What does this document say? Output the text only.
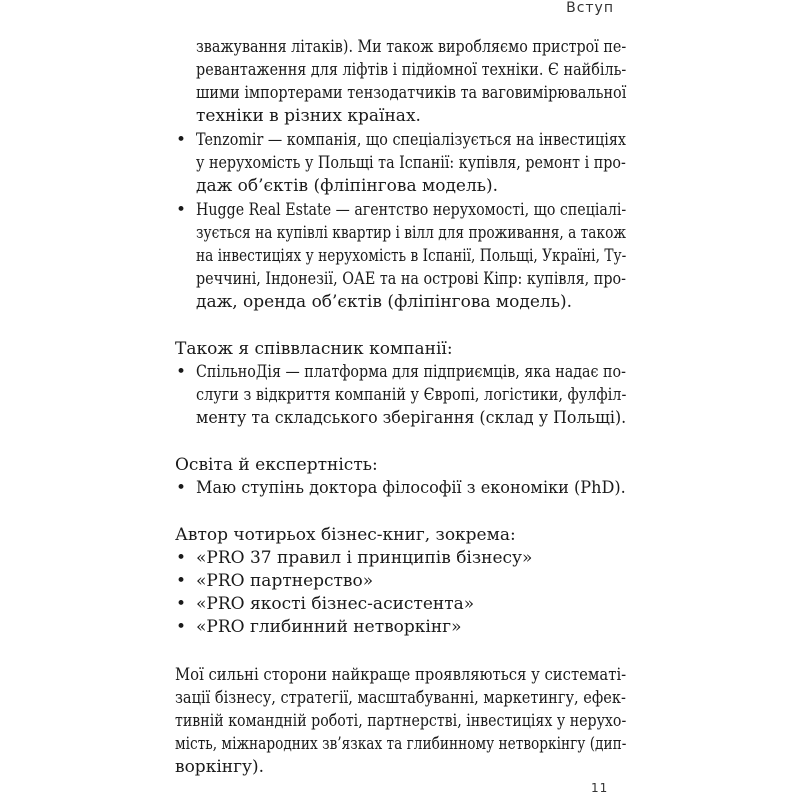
Вступ
зважування літаків). Ми також виробляємо пристрої пе-
ревантаження для ліфтів і підйомної техніки. Є найбіль-
шими імпортерами тензодатчиків та ваговимірювальної
техніки в різних країнах.
• Tenzomir — компанія, що спеціалізується на інвестиціях
у нерухомість у Польщі та Іспанії: купівля, ремонт і про-
даж об’єктів (фліпінгова модель).
• Hugge Real Estate — агентство нерухомості, що спеціалі-
зується на купівлі квартир і вілл для проживання, а також
на інвестиціях у нерухомість в Іспанії, Польщі, Україні, Ту-
реччині, Індонезії, ОАЕ та на острові Кіпр: купівля, про-
даж, оренда об’єктів (фліпінгова модель).
Також я співвласник компанії:
• СпільноДія — платформа для підприємців, яка надає по-
слуги з відкриття компаній у Європі, логістики, фулфіл-
менту та складського зберігання (склад у Польщі).
Освіта й експертність:
• Маю ступінь доктора філософії з економіки (PhD).
Автор чотирьох бізнес-книг, зокрема:
• «PRO 37 правил і принципів бізнесу»
• «PRO партнерство»
• «PRO якості бізнес-асистента»
• «PRO глибинний нетворкінг»
Мої сильні сторони найкраще проявляються у систематі-
зації бізнесу, стратегії, масштабуванні, маркетингу, ефек-
тивній командній роботі, партнерстві, інвестиціях у нерухо-
мість, міжнародних зв’язках та глибинному нетворкінгу (дип-
воркінгу).
11
